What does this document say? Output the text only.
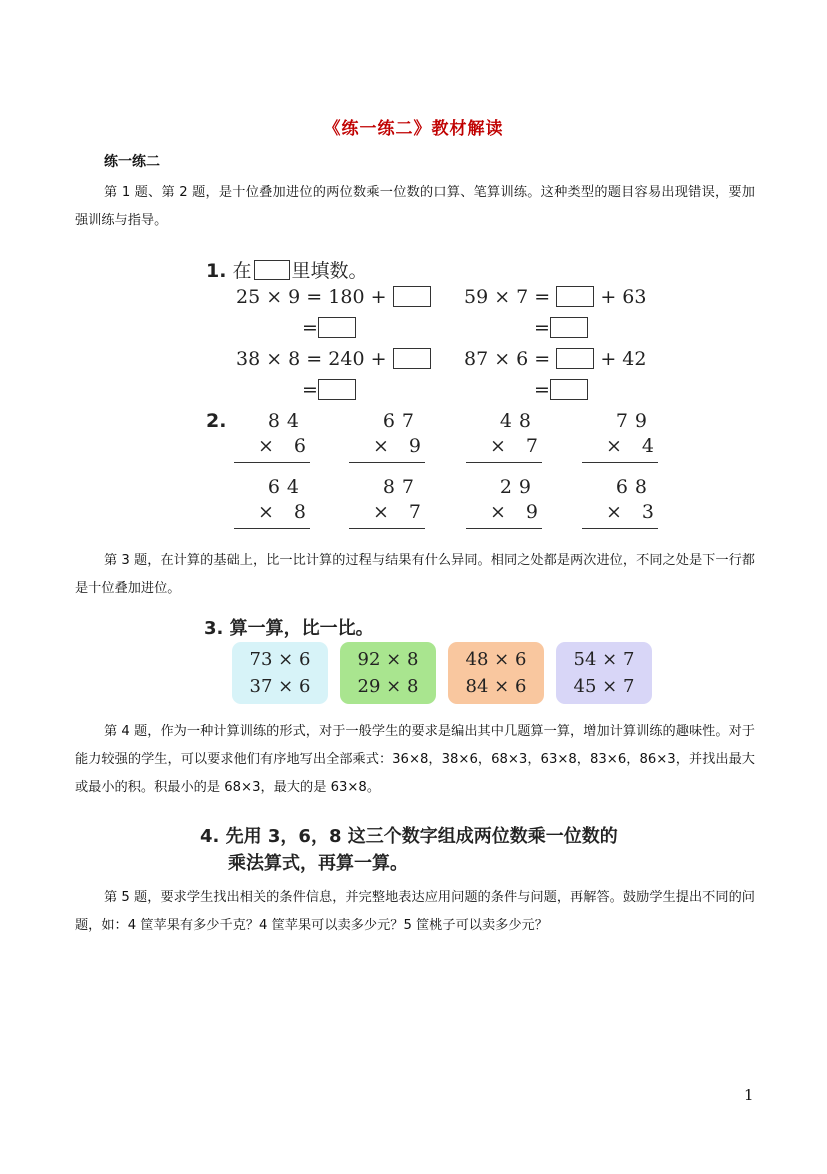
《练一练二》教材解读
练一练二
第 1 题、第 2 题，是十位叠加进位的两位数乘一位数的口算、笔算训练。这种类型的题目容易出现错误，要加强训练与指导。
1. 在 里填数。
25 × 9 = 180 +	59 × 7 =	+ 63
=	=
38 × 8 = 240 +	87 × 6 =	+ 42
=	=
2. 84
× 6
67
× 9
48
× 7
79
× 4
64
× 8
87
× 7
29
× 9
68
× 3
第 3 题，在计算的基础上，比一比计算的过程与结果有什么异同。相同之处都是两次进位，不同之处是下一行都是十位叠加进位。
3. 算一算，比一比。
73 × 6
37 × 6
92 × 8
29 × 8
48 × 6
84 × 6
54 × 7
45 × 7
第 4 题，作为一种计算训练的形式，对于一般学生的要求是编出其中几题算一算，增加计算训练的趣味性。对于能力较强的学生，可以要求他们有序地写出全部乘式：36×8，38×6，68×3，63×8，83×6，86×3，并找出最大或最小的积。积最小的是 68×3，最大的是 63×8。
4. 先用 3，6，8 这三个数字组成两位数乘一位数的
乘法算式，再算一算。
第 5 题，要求学生找出相关的条件信息，并完整地表达应用问题的条件与问题，再解答。鼓励学生提出不同的问题，如：4 筐苹果有多少千克？4 筐苹果可以卖多少元？5 筐桃子可以卖多少元？
1
